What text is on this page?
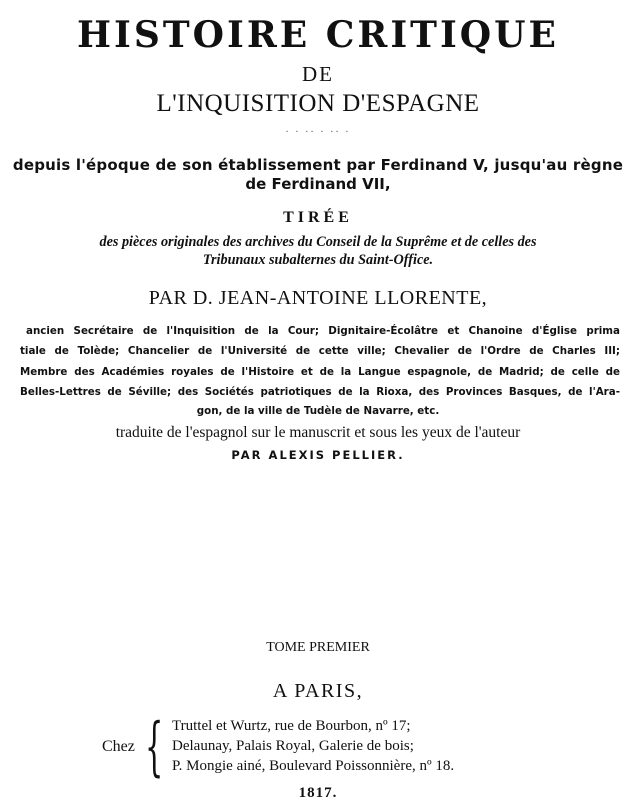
HISTOIRE CRITIQUE
DE
L'INQUISITION D'ESPAGNE
· · ·· · ·· ·
depuis l'époque de son établissement par Ferdinand V, jusqu'au règne
de Ferdinand VII,
TIRÉE
des pièces originales des archives du Conseil de la Suprême et de celles des
Tribunaux subalternes du Saint-Office.
PAR D. JEAN-ANTOINE LLORENTE,
ancien Secrétaire de l'Inquisition de la Cour; Dignitaire-Écolâtre et Chanoine d'Église prima
tiale de Tolède; Chancelier de l'Université de cette ville; Chevalier de l'Ordre de Charles III;
Membre des Académies royales de l'Histoire et de la Langue espagnole, de Madrid; de celle de
Belles-Lettres de Séville; des Sociétés patriotiques de la Rioxa, des Provinces Basques, de l'Ara-
gon, de la ville de Tudèle de Navarre, etc.
traduite de l'espagnol sur le manuscrit et sous les yeux de l'auteur
PAR ALEXIS PELLIER.
TOME PREMIER
A PARIS,
Chez { Truttel et Wurtz, rue de Bourbon, nº 17;
Delaunay, Palais Royal, Galerie de bois;
P. Mongie ainé, Boulevard Poissonnière, nº 18.
1817.
